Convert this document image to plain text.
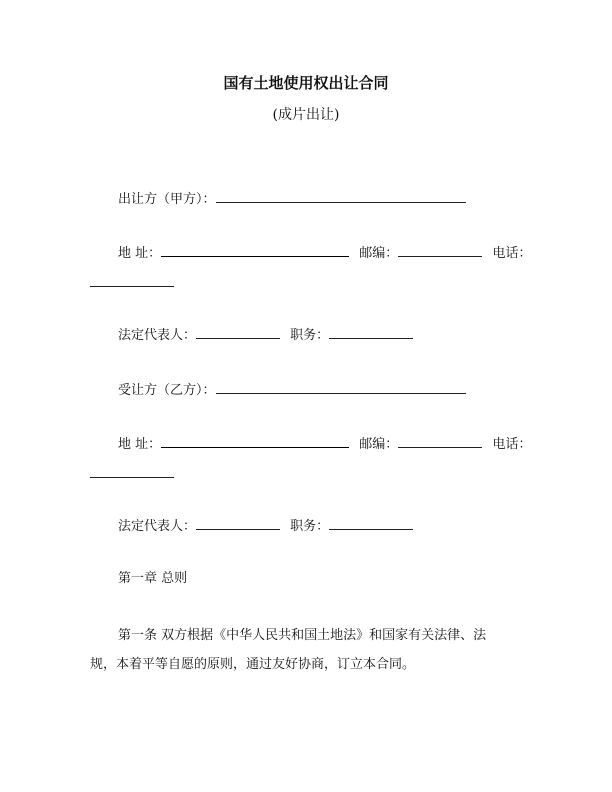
国有土地使用权出让合同
(成片出让)
出让方（甲方）：
地 址：	邮编：	电话：
法定代表人：	职务：
受让方（乙方）：
地 址：	邮编：	电话：
法定代表人：	职务：
第一章 总则
第一条 双方根据《中华人民共和国土地法》和国家有关法律、法
规，本着平等自愿的原则，通过友好协商，订立本合同。
